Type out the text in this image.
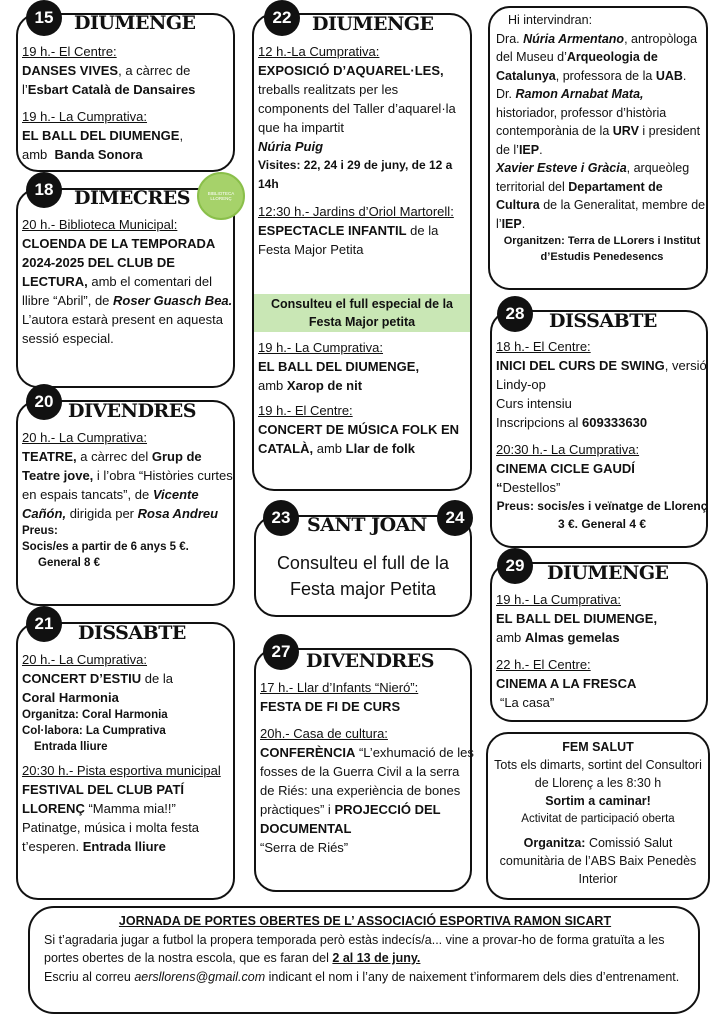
15	DIUMENGE
19 h.- El Centre:
DANSES VIVES, a càrrec de l’Esbart Català de Dansaires
19 h.- La Cumprativa:
EL BALL DEL DIUMENGE,
amb Banda Sonora
18	DIMECRES	BIBLIOTECA LLORENÇ
20 h.- Biblioteca Municipal:
CLOENDA DE LA TEMPORADA 2024-2025 DEL CLUB DE LECTURA, amb el comentari del llibre “Abril”, de Roser Guasch Bea. L’autora estarà present en aquesta sessió especial.
20 DIVENDRES
20 h.- La Cumprativa:
TEATRE, a càrrec del Grup de Teatre jove, i l’obra “Històries curtes en espais tancats”, de Vicente Cañón, dirigida per Rosa Andreu
Preus:
Socis/es a partir de 6 anys 5 €.
General 8 €
21	DISSABTE
20 h.- La Cumprativa:
CONCERT D’ESTIU de la
Coral Harmonia
Organitza: Coral Harmonia
Col·labora: La Cumprativa
Entrada lliure
20:30 h.- Pista esportiva municipal
FESTIVAL DEL CLUB PATÍ LLORENÇ “Mamma mia!!” Patinatge, música i molta festa t’esperen. Entrada lliure
22	DIUMENGE
12 h.-La Cumprativa:
EXPOSICIÓ D’AQUAREL·LES, treballs realitzats per les components del Taller d’aquarel·la que ha impartit
Núria Puig
Visites: 22, 24 i 29 de juny, de 12 a 14h
12:30 h.- Jardins d’Oriol Martorell:
ESPECTACLE INFANTIL de la Festa Major Petita
Consulteu el full especial de la Festa Major petita
19 h.- La Cumprativa:
EL BALL DEL DIUMENGE,
amb Xarop de nit
19 h.- El Centre:
CONCERT DE MÚSICA FOLK EN CATALÀ, amb Llar de folk
23	24
SANT JOAN
Consulteu el full de la Festa major Petita
27 DIVENDRES
17 h.- Llar d’Infants “Nieró”:
FESTA DE FI DE CURS
20h.- Casa de cultura:
CONFERÈNCIA “L’exhumació de les fosses de la Guerra Civil a la serra de Riés: una experiència de bones pràctiques” i PROJECCIÓ DEL DOCUMENTAL
“Serra de Riés”
Hi intervindran:
Dra. Núria Armentano, antropòloga del Museu d’Arqueologia de Catalunya, professora de la UAB.
Dr. Ramon Arnabat Mata, historiador, professor d’història contemporània de la URV i president de l’IEP.
Xavier Esteve i Gràcia, arqueòleg territorial del Departament de Cultura de la Generalitat, membre de l’IEP.
Organitzen: Terra de LLorers i Institut d’Estudis Penedesencs
28	DISSABTE
18 h.- El Centre:
INICI DEL CURS DE SWING, versió Lindy-op
Curs intensiu
Inscripcions al 609333630
20:30 h.- La Cumprativa:
CINEMA CICLE GAUDÍ
“Destellos”
Preus: socis/es i veïnatge de Llorenç 3 €. General 4 €
29	DIUMENGE
19 h.- La Cumprativa:
EL BALL DEL DIUMENGE,
amb Almas gemelas
22 h.- El Centre:
CINEMA A LA FRESCA
“La casa”
FEM SALUT
Tots els dimarts, sortint del Consultori de Llorenç a les 8:30 h
Sortim a caminar!
Activitat de participació oberta
Organitza: Comissió Salut comunitària de l’ABS Baix Penedès Interior
JORNADA DE PORTES OBERTES DE L’ ASSOCIACIÓ ESPORTIVA RAMON SICART
Si t’agradaria jugar a futbol la propera temporada però estàs indecís/a... vine a provar-ho de forma gratuïta a les portes obertes de la nostra escola, que es faran del 2 al 13 de juny.
Escriu al correu aersllorens@gmail.com indicant el nom i l’any de naixement t’informarem dels dies d’entrenament.
